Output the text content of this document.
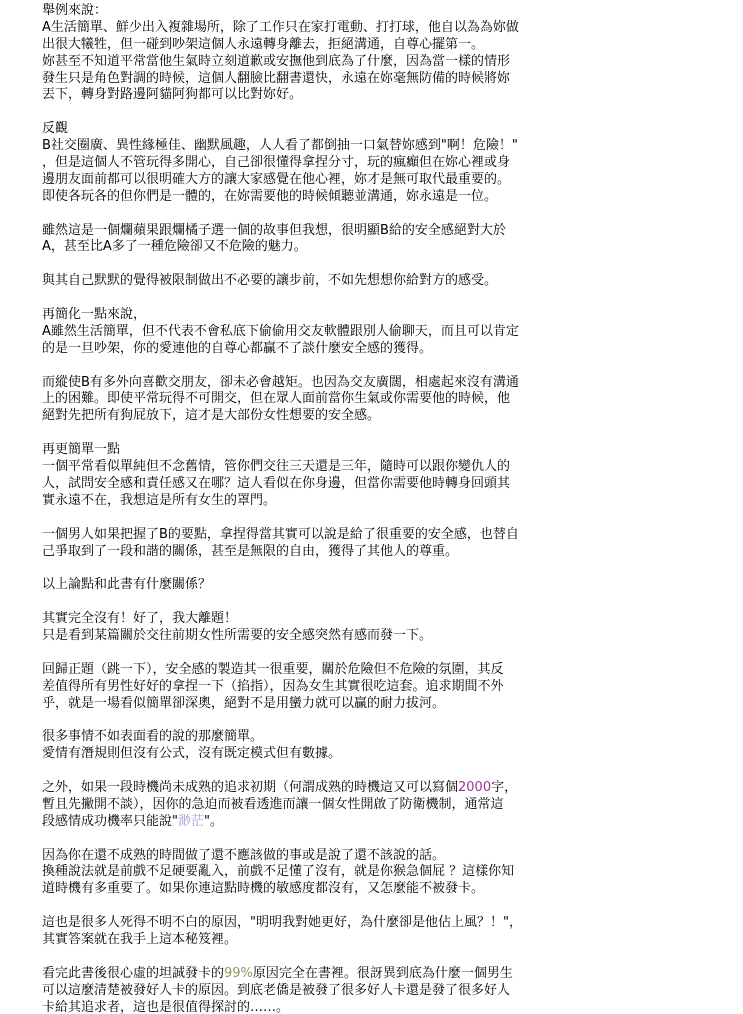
舉例來說：
A生活簡單、鮮少出入複雜場所，除了工作只在家打電動、打打球，他自以為為妳做
出很大犧牲，但一碰到吵架這個人永遠轉身離去，拒絕溝通，自尊心擺第一。
妳甚至不知道平常當他生氣時立刻道歉或安撫他到底為了什麼，因為當一樣的情形
發生只是角色對調的時候，這個人翻臉比翻書還快，永遠在妳毫無防備的時候將妳
丟下，轉身對路邊阿貓阿狗都可以比對妳好。
反觀
B社交圈廣、異性緣極佳、幽默風趣，人人看了都倒抽一口氣替妳感到"啊！危險！"
，但是這個人不管玩得多開心，自己卻很懂得拿捏分寸，玩的瘋癲但在妳心裡或身
邊朋友面前都可以很明確大方的讓大家感覺在他心裡，妳才是無可取代最重要的。
即使各玩各的但你們是一體的，在妳需要他的時候傾聽並溝通，妳永遠是一位。
雖然這是一個爛蘋果跟爛橘子選一個的故事但我想，很明顯B給的安全感絕對大於
A，甚至比A多了一種危險卻又不危險的魅力。
與其自己默默的覺得被限制做出不必要的讓步前，不如先想想你給對方的感受。
再簡化一點來說，
A雖然生活簡單，但不代表不會私底下偷偷用交友軟體跟別人偷聊天，而且可以肯定
的是一旦吵架，你的愛連他的自尊心都贏不了談什麼安全感的獲得。
而縱使B有多外向喜歡交朋友，卻未必會越矩。也因為交友廣闊，相處起來沒有溝通
上的困難。即使平常玩得不可開交，但在眾人面前當你生氣或你需要他的時候，他
絕對先把所有狗屁放下，這才是大部份女性想要的安全感。
再更簡單一點
一個平常看似單純但不念舊情，管你們交往三天還是三年，隨時可以跟你變仇人的
人，試問安全感和責任感又在哪？這人看似在你身邊，但當你需要他時轉身回頭其
實永遠不在，我想這是所有女生的罩門。
一個男人如果把握了B的要點，拿捏得當其實可以說是給了很重要的安全感，也替自
己爭取到了一段和諧的關係，甚至是無限的自由，獲得了其他人的尊重。
以上論點和此書有什麼關係？
其實完全沒有！好了，我大離題！
只是看到某篇關於交往前期女性所需要的安全感突然有感而發一下。
回歸正題（跳一下），安全感的製造其一很重要，關於危險但不危險的氛圍，其反
差值得所有男性好好的拿捏一下（掐指），因為女生其實很吃這套。追求期間不外
乎，就是一場看似簡單卻深奧，絕對不是用蠻力就可以贏的耐力拔河。
很多事情不如表面看的說的那麼簡單。
愛情有潛規則但沒有公式，沒有既定模式但有數據。
之外，如果一段時機尚未成熟的追求初期（何謂成熟的時機這又可以寫個2000字，
暫且先撇開不談），因你的急迫而被看透進而讓一個女性開啟了防衛機制，通常這
段感情成功機率只能說"渺茫"。
因為你在還不成熟的時間做了還不應該做的事或是說了還不該說的話。
換種說法就是前戲不足硬要亂入，前戲不足懂了沒有，就是你猴急個屁 ？這樣你知
道時機有多重要了。如果你連這點時機的敏感度都沒有，又怎麼能不被發卡。
這也是很多人死得不明不白的原因，"明明我對她更好，為什麼卻是他佔上風？！"，
其實答案就在我手上這本秘笈裡。
看完此書後很心虛的坦誠發卡的99%原因完全在書裡。很訝異到底為什麼一個男生
可以這麼清楚被發好人卡的原因。到底老僑是被發了很多好人卡還是發了很多好人
卡給其追求者，這也是很值得探討的……。
